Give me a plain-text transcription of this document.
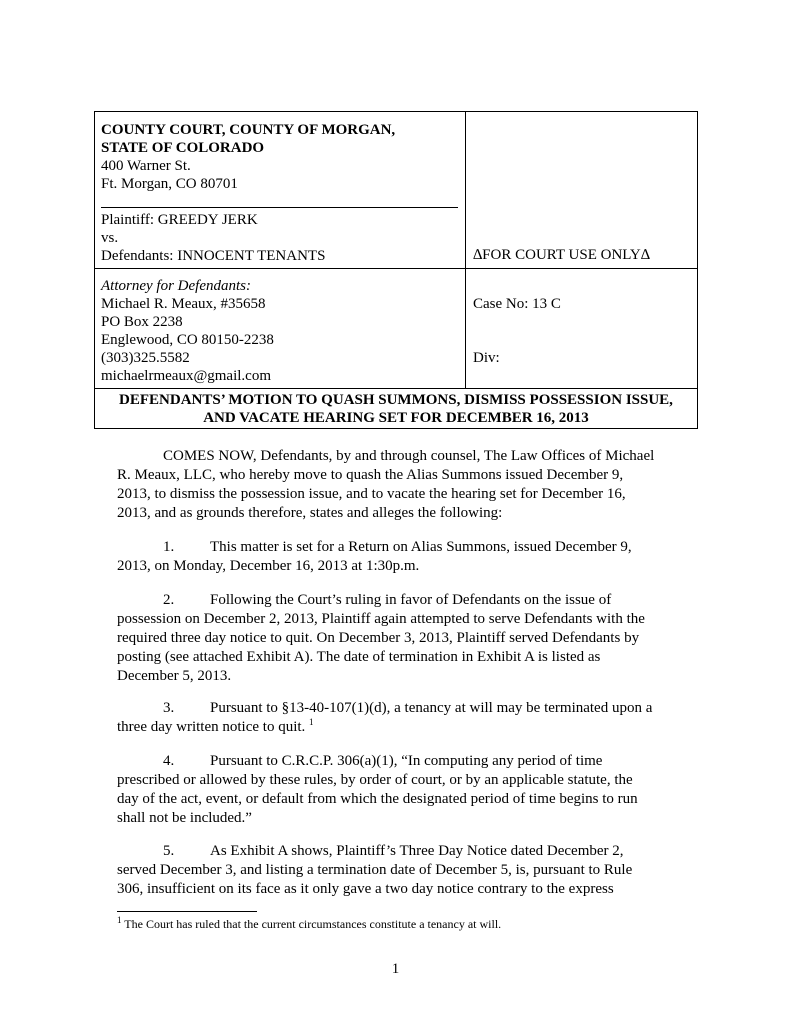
COUNTY COURT, COUNTY OF MORGAN,
STATE OF COLORADO
400 Warner St.
Ft. Morgan, CO 80701
Plaintiff: GREEDY JERK
vs.
Defendants: INNOCENT TENANTS	∆FOR COURT USE ONLY∆
Attorney for Defendants:
Michael R. Meaux, #35658
PO Box 2238
Englewood, CO 80150-2238
(303)325.5582
michaelrmeaux@gmail.com
Case No: 13 C
Div:
DEFENDANTS’ MOTION TO QUASH SUMMONS, DISMISS POSSESSION ISSUE,
AND VACATE HEARING SET FOR DECEMBER 16, 2013
COMES NOW, Defendants, by and through counsel, The Law Offices of Michael
R. Meaux, LLC, who hereby move to quash the Alias Summons issued December 9,
2013, to dismiss the possession issue, and to vacate the hearing set for December 16,
2013, and as grounds therefore, states and alleges the following:
1. This matter is set for a Return on Alias Summons, issued December 9,
2013, on Monday, December 16, 2013 at 1:30p.m.
2. Following the Court’s ruling in favor of Defendants on the issue of
possession on December 2, 2013, Plaintiff again attempted to serve Defendants with the
required three day notice to quit. On December 3, 2013, Plaintiff served Defendants by
posting (see attached Exhibit A). The date of termination in Exhibit A is listed as
December 5, 2013.
3. Pursuant to §13-40-107(1)(d), a tenancy at will may be terminated upon a
three day written notice to quit. $^1$
4. Pursuant to C.R.C.P. 306(a)(1), “In computing any period of time
prescribed or allowed by these rules, by order of court, or by an applicable statute, the
day of the act, event, or default from which the designated period of time begins to run
shall not be included.”
5. As Exhibit A shows, Plaintiff’s Three Day Notice dated December 2,
served December 3, and listing a termination date of December 5, is, pursuant to Rule
306, insufficient on its face as it only gave a two day notice contrary to the express
$^1$ The Court has ruled that the current circumstances constitute a tenancy at will.
1
